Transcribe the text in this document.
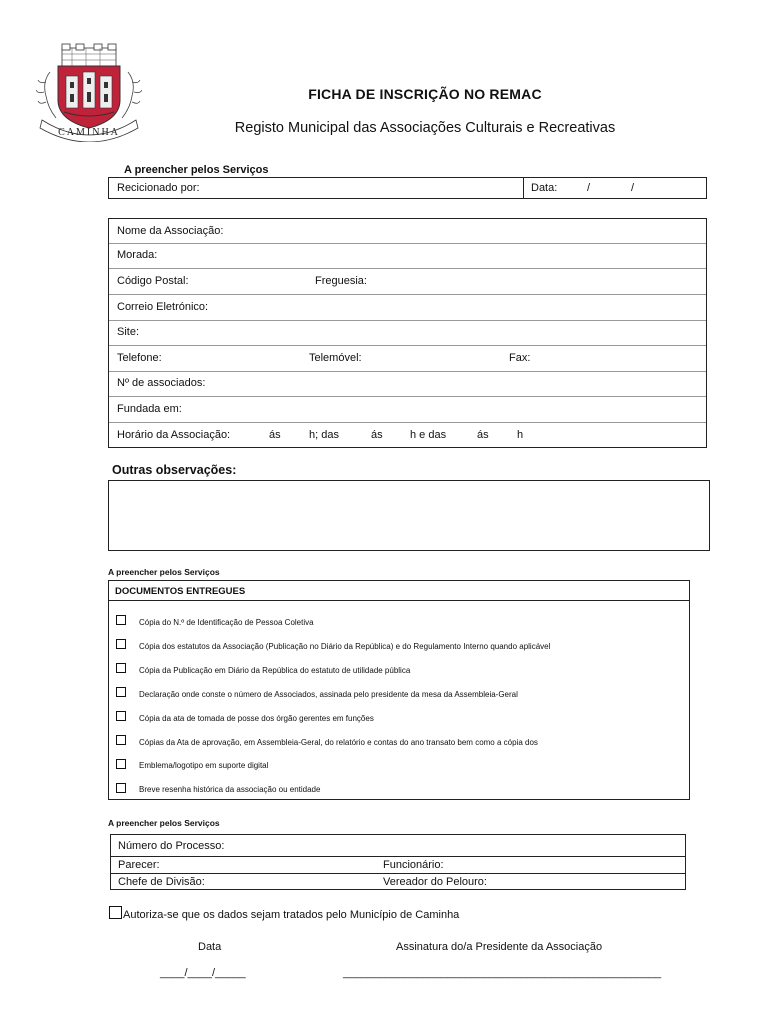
CAMINHA
FICHA DE INSCRIÇÃO NO REMAC
Registo Municipal das Associações Culturais e Recreativas
A preencher pelos Serviços
Recicionado por:	Data:	/	/
Nome da Associação:
Morada:
Código Postal:	Freguesia:
Correio Eletrónico:
Site:
Telefone:	Telemóvel:	Fax:
Nº de associados:
Fundada em:
Horário da Associação:	ás	h; das	ás h e das	ás	h
Outras observações:
A preencher pelos Serviços
DOCUMENTOS ENTREGUES
Cópia do N.º de Identificação de Pessoa Coletiva
Cópia dos estatutos da Associação (Publicação no Diário da República) e do Regulamento Interno quando aplicável
Cópia da Publicação em Diário da República do estatuto de utilidade pública
Declaração onde conste o número de Associados, assinada pelo presidente da mesa da Assembleia-Geral
Cópia da ata de tomada de posse dos órgão gerentes em funções
Cópias da Ata de aprovação, em Assembleia-Geral, do relatório e contas do ano transato bem como a cópia dos
Emblema/logotipo em suporte digital
Breve resenha histórica da associação ou entidade
A preencher pelos Serviços
Número do Processo:
Parecer:	Funcionário:
Chefe de Divisão:	Vereador do Pelouro:
Autoriza-se que os dados sejam tratados pelo Município de Caminha
Data	Assinatura do/a Presidente da Associação
____/____/_____	____________________________________________________
